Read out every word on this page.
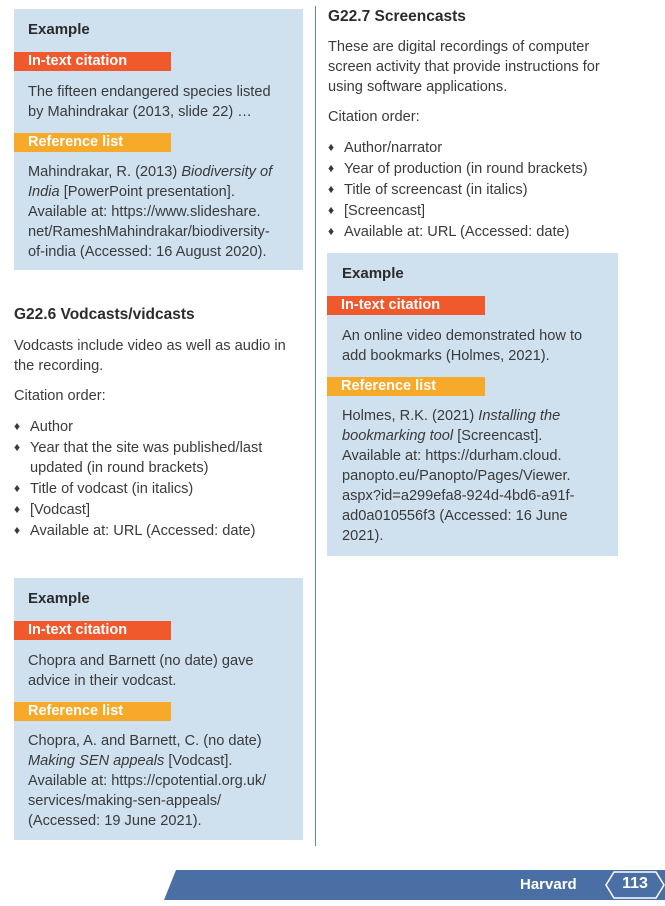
Example
In-text citation
The fifteen endangered species listed
by Mahindrakar (2013, slide 22) …
Reference list
Mahindrakar, R. (2013) Biodiversity of
India [PowerPoint presentation].
Available at: https://www.slideshare.
net/RameshMahindrakar/biodiversity-
of-india (Accessed: 16 August 2020).
G22.6 Vodcasts/vidcasts
Vodcasts include video as well as audio in
the recording.
Citation order:
♦ Author
♦ Year that the site was published/last
updated (in round brackets)
♦ Title of vodcast (in italics)
♦ [Vodcast]
♦ Available at: URL (Accessed: date)
Example
In-text citation
Chopra and Barnett (no date) gave
advice in their vodcast.
Reference list
Chopra, A. and Barnett, C. (no date)
Making SEN appeals [Vodcast].
Available at: https://cpotential.org.uk/
services/making-sen-appeals/
(Accessed: 19 June 2021).
G22.7 Screencasts
These are digital recordings of computer
screen activity that provide instructions for
using software applications.
Citation order:
♦ Author/narrator
♦ Year of production (in round brackets)
♦ Title of screencast (in italics)
♦ [Screencast]
♦ Available at: URL (Accessed: date)
Example
In-text citation
An online video demonstrated how to
add bookmarks (Holmes, 2021).
Reference list
Holmes, R.K. (2021) Installing the
bookmarking tool [Screencast].
Available at: https://durham.cloud.
panopto.eu/Panopto/Pages/Viewer.
aspx?id=a299efa8-924d-4bd6-a91f-
ad0a010556f3 (Accessed: 16 June
2021).
Harvard	113
